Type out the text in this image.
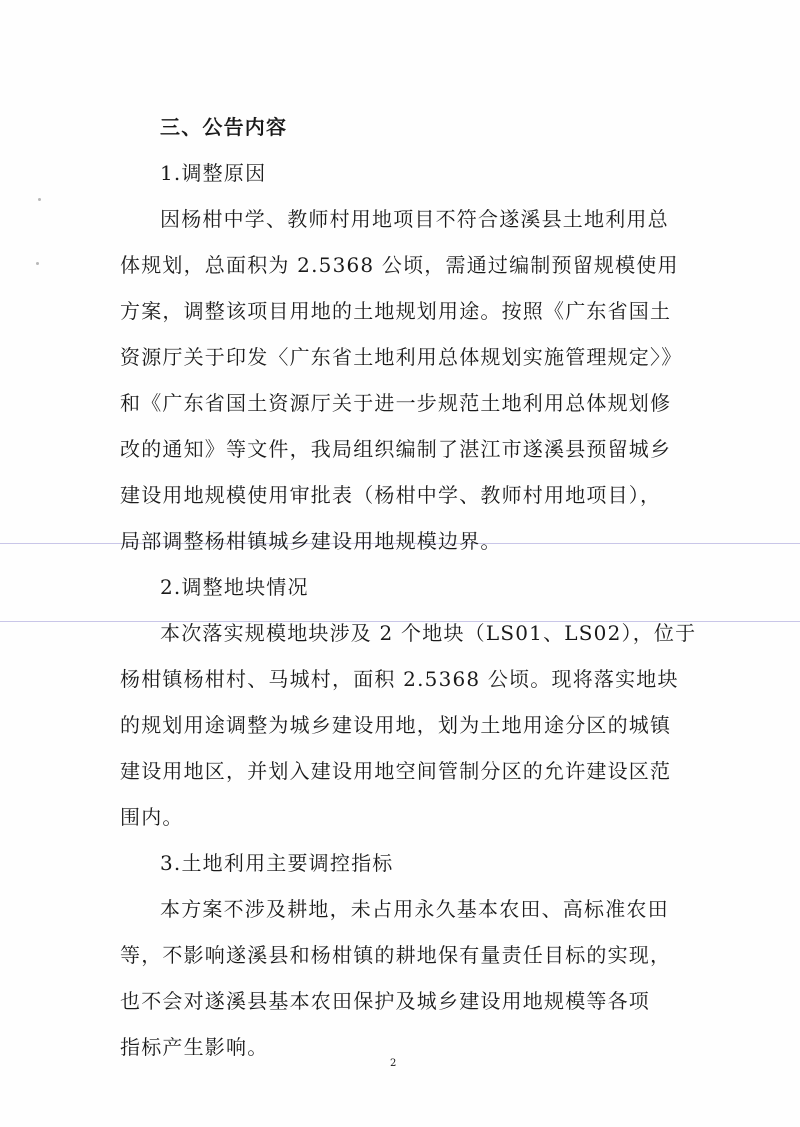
三、公告内容
1.调整原因
因杨柑中学、教师村用地项目不符合遂溪县土地利用总
体规划，总面积为 2.5368 公顷，需通过编制预留规模使用
方案，调整该项目用地的土地规划用途。按照《广东省国土
资源厅关于印发〈广东省土地利用总体规划实施管理规定〉》
和《广东省国土资源厅关于进一步规范土地利用总体规划修
改的通知》等文件，我局组织编制了湛江市遂溪县预留城乡
建设用地规模使用审批表（杨柑中学、教师村用地项目），
局部调整杨柑镇城乡建设用地规模边界。
2.调整地块情况
本次落实规模地块涉及 2 个地块（LS01、LS02），位于
杨柑镇杨柑村、马城村，面积 2.5368 公顷。现将落实地块
的规划用途调整为城乡建设用地，划为土地用途分区的城镇
建设用地区，并划入建设用地空间管制分区的允许建设区范
围内。
3.土地利用主要调控指标
本方案不涉及耕地，未占用永久基本农田、高标准农田
等，不影响遂溪县和杨柑镇的耕地保有量责任目标的实现，
也不会对遂溪县基本农田保护及城乡建设用地规模等各项
指标产生影响。
2
